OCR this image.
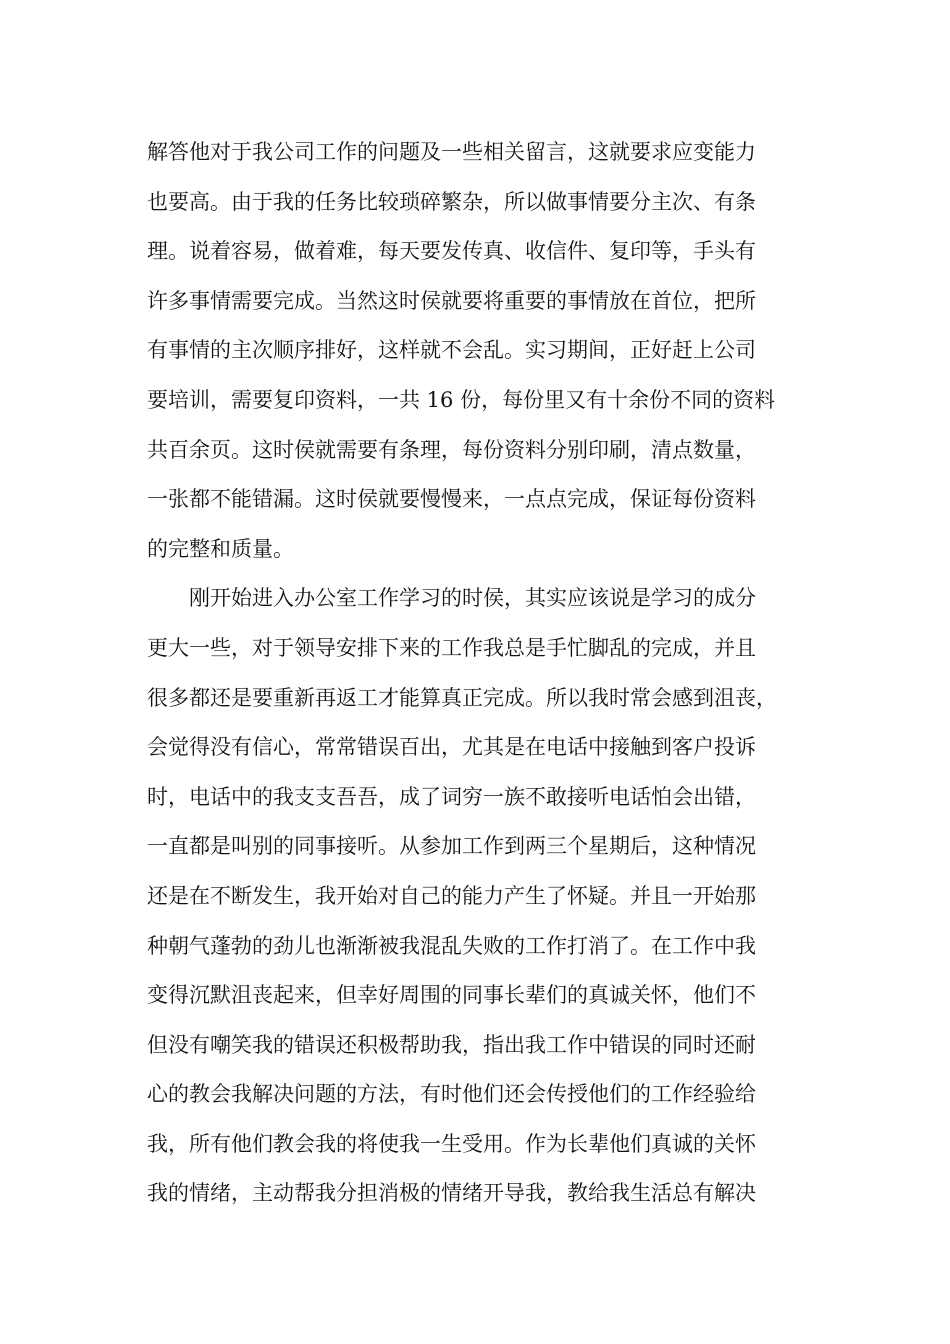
解答他对于我公司工作的问题及一些相关留言，这就要求应变能力
也要高。由于我的任务比较琐碎繁杂，所以做事情要分主次、有条
理。说着容易，做着难，每天要发传真、收信件、复印等，手头有
许多事情需要完成。当然这时侯就要将重要的事情放在首位，把所
有事情的主次顺序排好，这样就不会乱。实习期间，正好赶上公司
要培训，需要复印资料，一共 16 份，每份里又有十余份不同的资料
共百余页。这时侯就需要有条理，每份资料分别印刷，清点数量，
一张都不能错漏。这时侯就要慢慢来，一点点完成，保证每份资料
的完整和质量。
刚开始进入办公室工作学习的时侯，其实应该说是学习的成分
更大一些，对于领导安排下来的工作我总是手忙脚乱的完成，并且
很多都还是要重新再返工才能算真正完成。所以我时常会感到沮丧，
会觉得没有信心，常常错误百出，尤其是在电话中接触到客户投诉
时，电话中的我支支吾吾，成了词穷一族不敢接听电话怕会出错，
一直都是叫别的同事接听。从参加工作到两三个星期后，这种情况
还是在不断发生，我开始对自己的能力产生了怀疑。并且一开始那
种朝气蓬勃的劲儿也渐渐被我混乱失败的工作打消了。在工作中我
变得沉默沮丧起来，但幸好周围的同事长辈们的真诚关怀，他们不
但没有嘲笑我的错误还积极帮助我，指出我工作中错误的同时还耐
心的教会我解决问题的方法，有时他们还会传授他们的工作经验给
我，所有他们教会我的将使我一生受用。作为长辈他们真诚的关怀
我的情绪，主动帮我分担消极的情绪开导我，教给我生活总有解决
